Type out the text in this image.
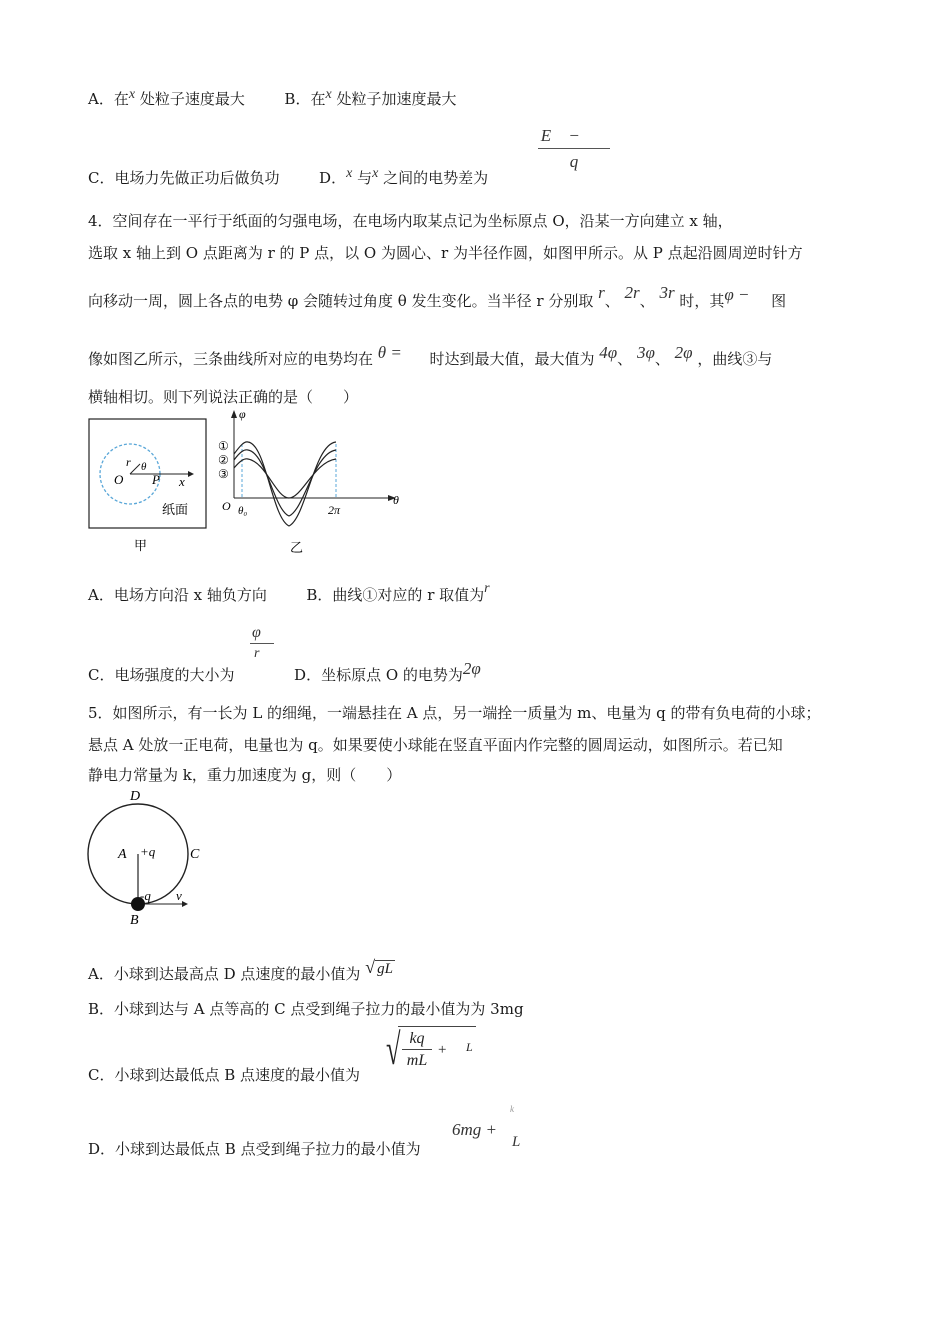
A．在x 处粒子速度最大	B．在x 处粒子加速度最大
C．电场力先做正功后做负功	D．x 与x 之间的电势差为
E −
q
4．空间存在一平行于纸面的匀强电场，在电场内取某点记为坐标原点 O，沿某一方向建立 x 轴，
选取 x 轴上到 O 点距离为 r 的 P 点，以 O 为圆心、r 为半径作圆，如图甲所示。从 P 点起沿圆周逆时针方
向移动一周，圆上各点的电势 φ 会随转过角度 θ 发生变化。当半径 r 分别取 r、 2r、 3r 时，其φ − 图
像如图乙所示，三条曲线所对应的电势均在 θ = 时达到最大值，最大值为 4φ、 3φ、 2φ ，曲线③与
横轴相切。则下列说法正确的是（　　）
r θ
O P x
纸面
甲
φ
①
②
③
O θ₀	2π
θ
乙
A．电场方向沿 x 轴负方向	B．曲线①对应的 r 取值为r
C．电场强度的大小为	D．坐标原点 O 的电势为2φ
$\frac{\varphi}{r}$
5．如图所示，有一长为 L 的细绳，一端悬挂在 A 点，另一端拴一质量为 m、电量为 q 的带有负电荷的小球；
悬点 A 处放一正电荷，电量也为 q。如果要使小球能在竖直平面内作完整的圆周运动，如图所示。若已知
静电力常量为 k，重力加速度为 g，则（　　）
D
A +q C
-q v
B
A．小球到达最高点 D 点速度的最小值为 √ gL
B．小球到达与 A 点等高的 C 点受到绳子拉力的最小值为为 3mg
C．小球到达最低点 B 点速度的最小值为
√ $\frac{kq}{mL} + L$
D．小球到达最低点 B 点受到绳子拉力的最小值为
6mg +
k
L
